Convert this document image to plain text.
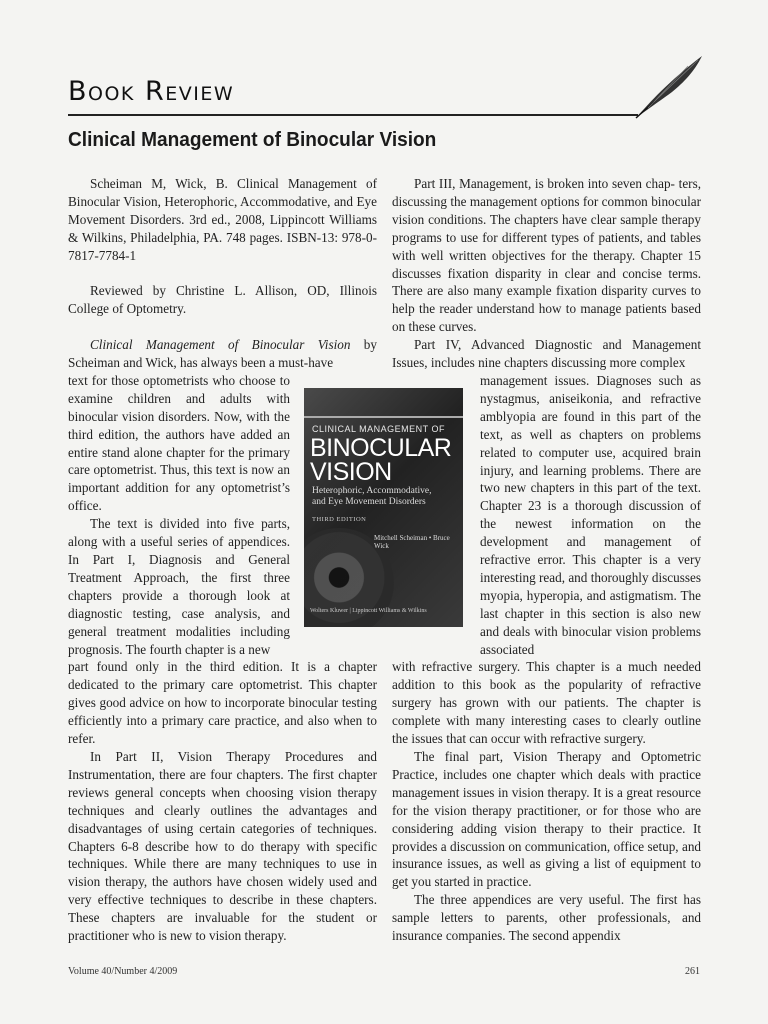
Book Review
Clinical Management of Binocular Vision

Scheiman M, Wick, B. Clinical Management of Binocular Vision, Heterophoric, Accommodative, and Eye Movement Disorders. 3rd ed., 2008, Lippincott Williams & Wilkins, Philadelphia, PA. 748 pages. ISBN-13: 978-0-7817-7784-1

Reviewed by Christine L. Allison, OD, Illinois College of Optometry.

Clinical Management of Binocular Vision by Scheiman and Wick, has always been a must-have

text for those optometrists who choose to examine children and adults with binocular vision disorders. Now, with the third edition, the authors have added an entire stand alone chapter for the primary care optometrist. Thus, this text is now an important addition for any optometrist’s office.

The text is divided into five parts, along with a useful series of appendices. In Part I, Diagnosis and General Treatment Approach, the first three chapters provide a thorough look at diagnostic testing, case analysis, and general treatment modalities including prognosis. The fourth chapter is a new

part found only in the third edition. It is a chapter dedicated to the primary care optometrist. This chapter gives good advice on how to incorporate binocular testing efficiently into a primary care practice, and also when to refer.

In Part II, Vision Therapy Procedures and Instrumentation, there are four chapters. The first chapter reviews general concepts when choosing vision therapy techniques and clearly outlines the advantages and disadvantages of using certain categories of techniques. Chapters 6-8 describe how to do therapy with specific techniques. While there are many techniques to use in vision therapy, the authors have chosen widely used and very effective techniques to describe in these chapters. These chapters are invaluable for the student or practitioner who is new to vision therapy.

Part III, Management, is broken into seven chap- ters, discussing the management options for common binocular vision conditions. The chapters have clear sample therapy programs to use for different types of patients, and tables with well written objectives for the therapy. Chapter 15 discusses fixation disparity in clear and concise terms. There are also many example fixation disparity curves to help the reader understand how to manage patients based on these curves.

Part IV, Advanced Diagnostic and Management Issues, includes nine chapters discussing more complex

management issues. Diagnoses such as nystagmus, aniseikonia, and refractive amblyopia are found in this part of the text, as well as chapters on problems related to computer use, acquired brain injury, and learning problems. There are two new chapters in this part of the text. Chapter 23 is a thorough discussion of the newest information on the development and management of refractive error. This chapter is a very interesting read, and thoroughly discusses myopia, hyperopia, and astigmatism. The last chapter in this section is also new and deals with binocular vision problems associated

with refractive surgery. This chapter is a much needed addition to this book as the popularity of refractive surgery has grown with our patients. The chapter is complete with many interesting cases to clearly outline the issues that can occur with refractive surgery.

The final part, Vision Therapy and Optometric Practice, includes one chapter which deals with practice management issues in vision therapy. It is a great resource for the vision therapy practitioner, or for those who are considering adding vision therapy to their practice. It provides a discussion on communication, office setup, and insurance issues, as well as giving a list of equipment to get you started in practice.

The three appendices are very useful. The first has sample letters to parents, other professionals, and insurance companies. The second appendix

CLINICAL MANAGEMENT OF
BINOCULAR
VISION
Heterophoric, Accommodative,
and Eye Movement Disorders
THIRD EDITION
Mitchell Scheiman • Bruce Wick
Wolters Kluwer | Lippincott Williams & Wilkins
Volume 40/Number 4/2009	261
